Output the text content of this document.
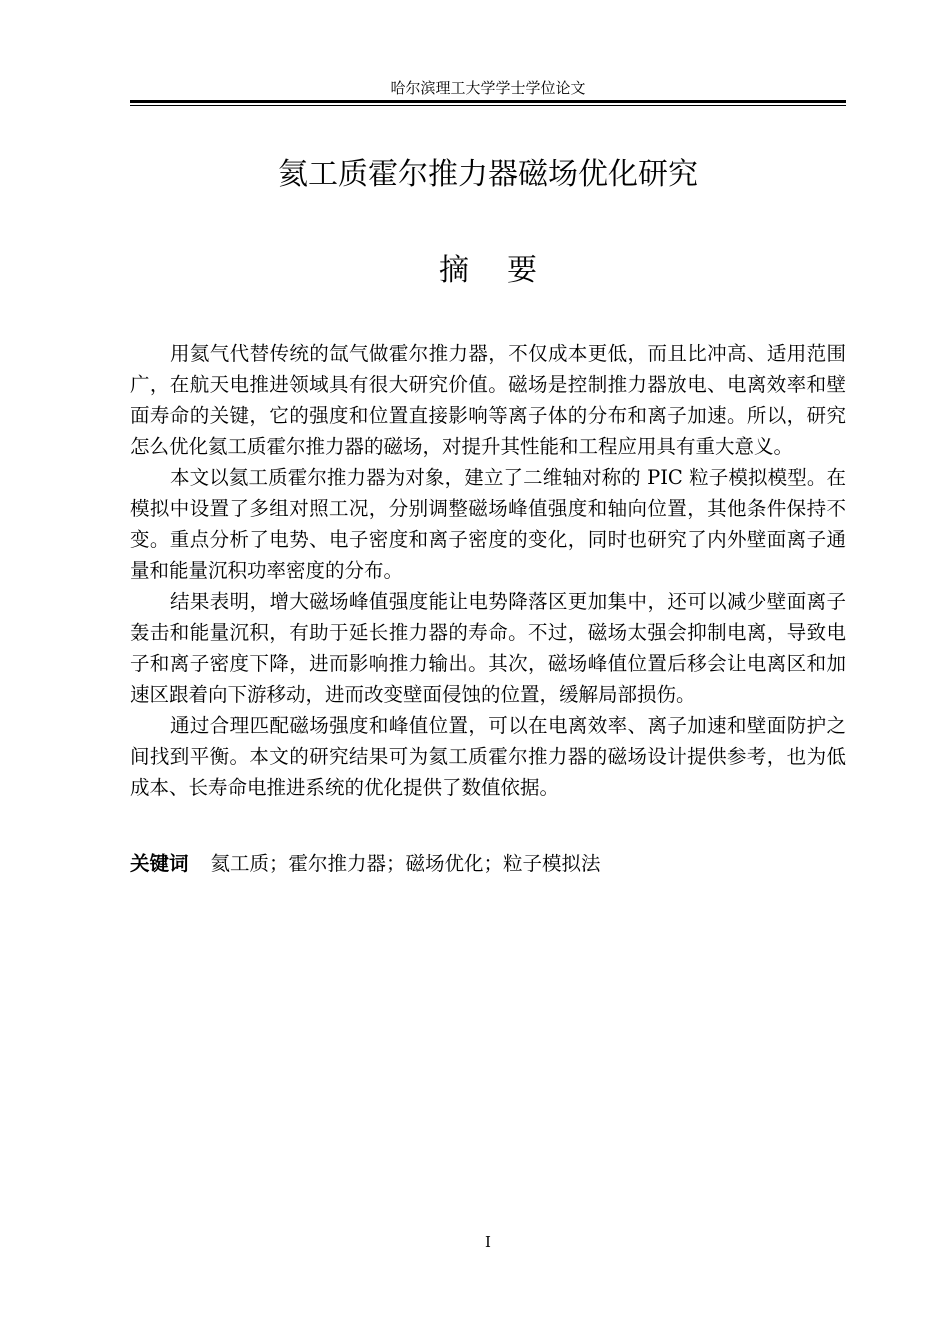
哈尔滨理工大学学士学位论文
氦工质霍尔推力器磁场优化研究
摘要

用氦气代替传统的氙气做霍尔推力器，不仅成本更低，而且比冲高、适用范围广，在航天电推进领域具有很大研究价值。磁场是控制推力器放电、电离效率和壁面寿命的关键，它的强度和位置直接影响等离子体的分布和离子加速。所以，研究怎么优化氦工质霍尔推力器的磁场，对提升其性能和工程应用具有重大意义。

本文以氦工质霍尔推力器为对象，建立了二维轴对称的 PIC 粒子模拟模型。在模拟中设置了多组对照工况，分别调整磁场峰值强度和轴向位置，其他条件保持不变。重点分析了电势、电子密度和离子密度的变化，同时也研究了内外壁面离子通量和能量沉积功率密度的分布。

结果表明，增大磁场峰值强度能让电势降落区更加集中，还可以减少壁面离子轰击和能量沉积，有助于延长推力器的寿命。不过，磁场太强会抑制电离，导致电子和离子密度下降，进而影响推力输出。其次，磁场峰值位置后移会让电离区和加速区跟着向下游移动，进而改变壁面侵蚀的位置，缓解局部损伤。

通过合理匹配磁场强度和峰值位置，可以在电离效率、离子加速和壁面防护之间找到平衡。本文的研究结果可为氦工质霍尔推力器的磁场设计提供参考，也为低成本、长寿命电推进系统的优化提供了数值依据。

关键词 氦工质；霍尔推力器；磁场优化；粒子模拟法
I
